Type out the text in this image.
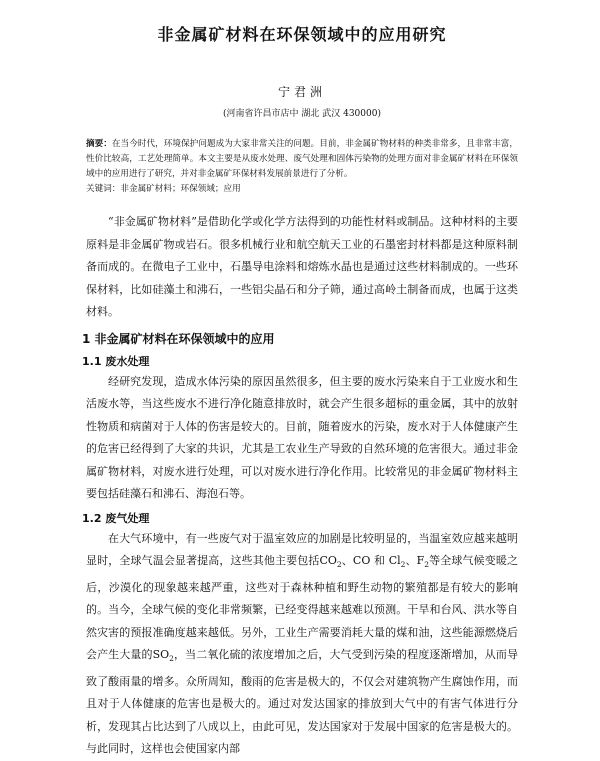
非金属矿材料在环保领域中的应用研究
宁君洲
(河南省许昌市店中 湖北 武汉 430000)
摘要：在当今时代，环境保护问题成为大家非常关注的问题。目前，非金属矿物材料的种类非常多，且非常丰富，性价比较高，工艺处理简单。本文主要是从废水处理、废气处理和固体污染物的处理方面对非金属矿材料在环保领域中的应用进行了研究，并对非金属矿环保材料发展前景进行了分析。
关键词：非金属矿材料；环保领域；应用

“非金属矿物材料”是借助化学或化学方法得到的功能性材料或制品。这种材料的主要原料是非金属矿物或岩石。很多机械行业和航空航天工业的石墨密封材料都是这种原料制备而成的。在微电子工业中，石墨导电涂料和熔炼水晶也是通过这些材料制成的。一些环保材料，比如硅藻土和沸石，一些铝尖晶石和分子筛，通过高岭土制备而成，也属于这类材料。

1 非金属矿材料在环保领域中的应用
1.1 废水处理

经研究发现，造成水体污染的原因虽然很多，但主要的废水污染来自于工业废水和生活废水等，当这些废水不进行净化随意排放时，就会产生很多超标的重金属，其中的放射性物质和病菌对于人体的伤害是较大的。目前，随着废水的污染，废水对于人体健康产生的危害已经得到了大家的共识，尤其是工农业生产导致的自然环境的危害很大。通过非金属矿物材料，对废水进行处理，可以对废水进行净化作用。比较常见的非金属矿物材料主要包括硅藻石和沸石、海泡石等。

1.2 废气处理

在大气环境中，有一些废气对于温室效应的加剧是比较明显的，当温室效应越来越明显时，全球气温会显著提高，这些其他主要包括$CO_2$、CO 和 $Cl_2$、$F_2$等全球气候变暖之后，沙漠化的现象越来越严重，这些对于森林种植和野生动物的繁殖都是有较大的影响的。当今，全球气候的变化非常频繁，已经变得越来越难以预测。干旱和台风、洪水等自然灾害的预报准确度越来越低。另外，工业生产需要消耗大量的煤和油，这些能源燃烧后会产生大量的$SO_2$，当二氧化硫的浓度增加之后，大气受到污染的程度逐渐增加，从而导致了酸雨量的增多。众所周知，酸雨的危害是极大的，不仅会对建筑物产生腐蚀作用，而且对于人体健康的危害也是极大的。通过对发达国家的排放到大气中的有害气体进行分析，发现其占比达到了八成以上，由此可见，发达国家对于发展中国家的危害是极大的。与此同时，这样也会使国家内部
